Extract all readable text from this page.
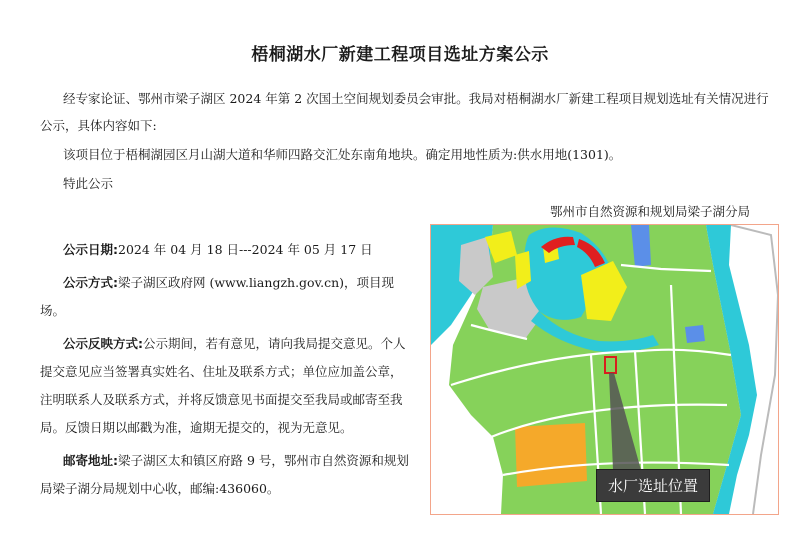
梧桐湖水厂新建工程项目选址方案公示
经专家论证、鄂州市梁子湖区 2024 年第 2 次国土空间规划委员会审批。我局对梧桐湖水厂新建工程项目规划选址有关情况进行公示，具体内容如下:
该项目位于梧桐湖园区月山湖大道和华师四路交汇处东南角地块。确定用地性质为:供水用地(1301)。
特此公示
鄂州市自然资源和规划局梁子湖分局

公示日期:2024 年 04 月 18 日---2024 年 05 月 17 日

公示方式:梁子湖区政府网 (www.liangzh.gov.cn)，项目现场。

公示反映方式:公示期间，若有意见，请向我局提交意见。个人提交意见应当签署真实姓名、住址及联系方式；单位应加盖公章，注明联系人及联系方式，并将反馈意见书面提交至我局或邮寄至我局。反馈日期以邮戳为准，逾期无提交的，视为无意见。

邮寄地址:梁子湖区太和镇区府路 9 号，鄂州市自然资源和规划局梁子湖分局规划中心收，邮编:436060。	水厂选址位置
